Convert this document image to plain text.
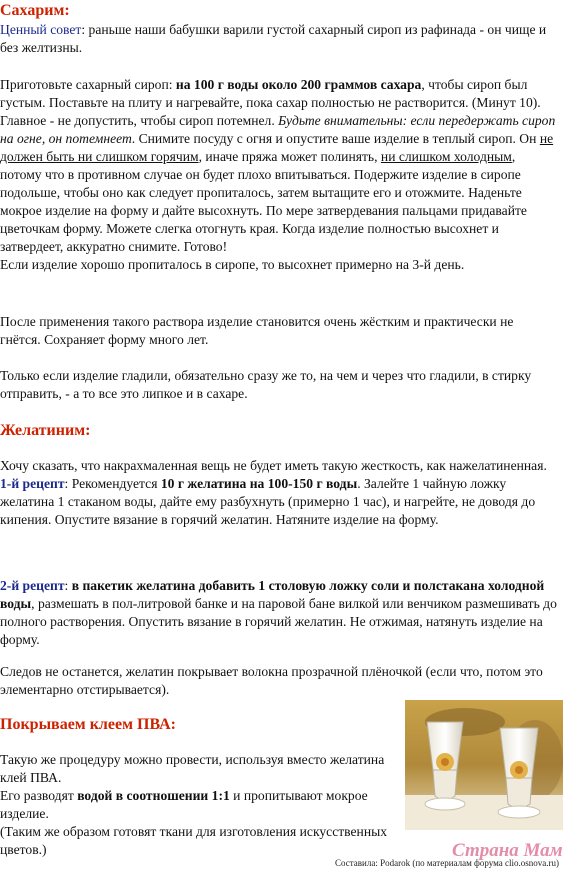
Сахарим:

Ценный совет: раньше наши бабушки варили густой сахарный сироп из рафинада - он чище и без желтизны.

Приготовьте сахарный сироп: на 100 г воды около 200 граммов сахара, чтобы сироп был густым. Поставьте на плиту и нагревайте, пока сахар полностью не растворится. (Минут 10). Главное - не допустить, чтобы сироп потемнел. Будьте внимательны: если передержать сироп на огне, он потемнеет. Снимите посуду с огня и опустите ваше изделие в теплый сироп. Он не должен быть ни слишком горячим, иначе пряжа может полинять, ни слишком холодным, потому что в противном случае он будет плохо впитываться. Подержите изделие в сиропе подольше, чтобы оно как следует пропиталось, затем вытащите его и отожмите. Наденьте мокрое изделие на форму и дайте высохнуть. По мере затвердевания пальцами придавайте цветочкам форму. Можете слегка отогнуть края. Когда изделие полностью высохнет и затвердеет, аккуратно снимите. Готово!
Если изделие хорошо пропиталось в сиропе, то высохнет примерно на 3-й день.

После применения такого раствора изделие становится очень жёстким и практически не гнётся. Сохраняет форму много лет.

Только если изделие гладили, обязательно сразу же то, на чем и через что гладили, в стирку отправить, - а то все это липкое и в сахаре.

Желатиним:

Хочу сказать, что накрахмаленная вещь не будет иметь такую жесткость, как нажелатиненная.
1-й рецепт: Рекомендуется 10 г желатина на 100-150 г воды. Залейте 1 чайную ложку желатина 1 стаканом воды, дайте ему разбухнуть (примерно 1 час), и нагрейте, не доводя до кипения. Опустите вязание в горячий желатин. Натяните изделие на форму.

2-й рецепт: в пакетик желатина добавить 1 столовую ложку соли и полстакана холодной воды, размешать в пол-литровой банке и на паровой бане вилкой или венчиком размешивать до полного растворения. Опустить вязание в горячий желатин. Не отжимая, натянуть изделие на форму.

Следов не останется, желатин покрывает волокна прозрачной плёночкой (если что, потом это элементарно отстирывается).

Покрываем клеем ПВА:

Такую же процедуру можно провести, используя вместо желатина клей ПВА.
Его разводят водой в соотношении 1:1 и пропитывают мокрое изделие.
(Таким же образом готовят ткани для изготовления искусственных цветов.)	Страна Мам
Составила: Podarok (по материалам форума clio.osnova.ru)
